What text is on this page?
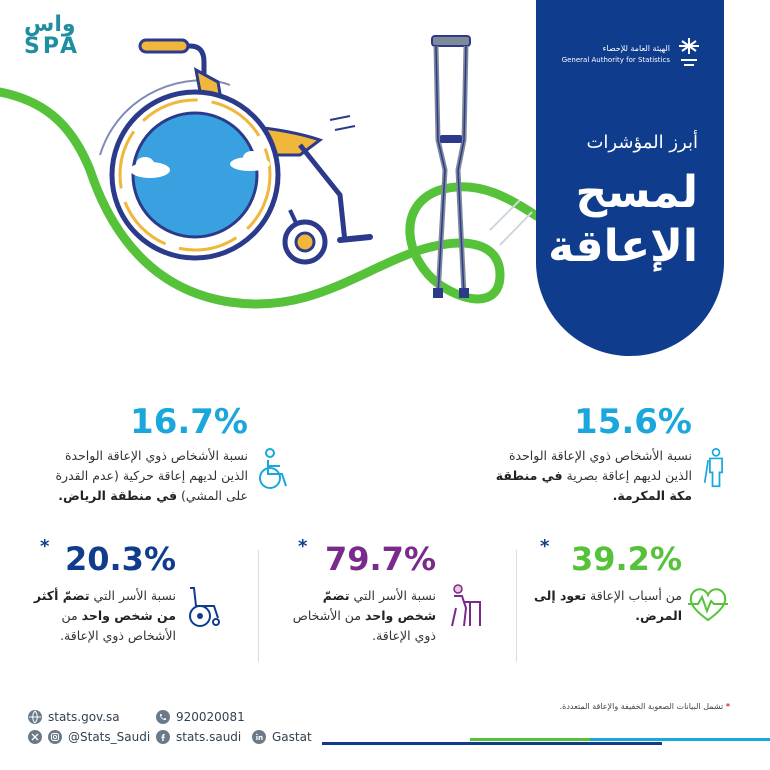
واس
SPA	الهيئة العامة للإحصاء
General Authority for Statistics
أبرز المؤشرات
لمسح
الإعاقة
15.6%
نسبة الأشخاص ذوي الإعاقة الواحدة الذين لديهم إعاقة بصرية في منطقة مكة المكرمة.
16.7%
نسبة الأشخاص ذوي الإعاقة الواحدة الذين لديهم إعاقة حركية (عدم القدرة على المشي) في منطقة الرياض.
* 39.2%
من أسباب الإعاقة تعود إلى المرض.
* 79.7%
نسبة الأسر التي تضمّ شخص واحد من الأشخاص ذوي الإعاقة.
* 20.3%
نسبة الأسر التي تضمّ أكثر من شخص واحد من الأشخاص ذوي الإعاقة.
* تشمل البيانات الصعوبة الخفيفة والإعاقة المتعددة.
stats.gov.sa	920020081
@Stats_Saudi stats.saudi	Gastat
